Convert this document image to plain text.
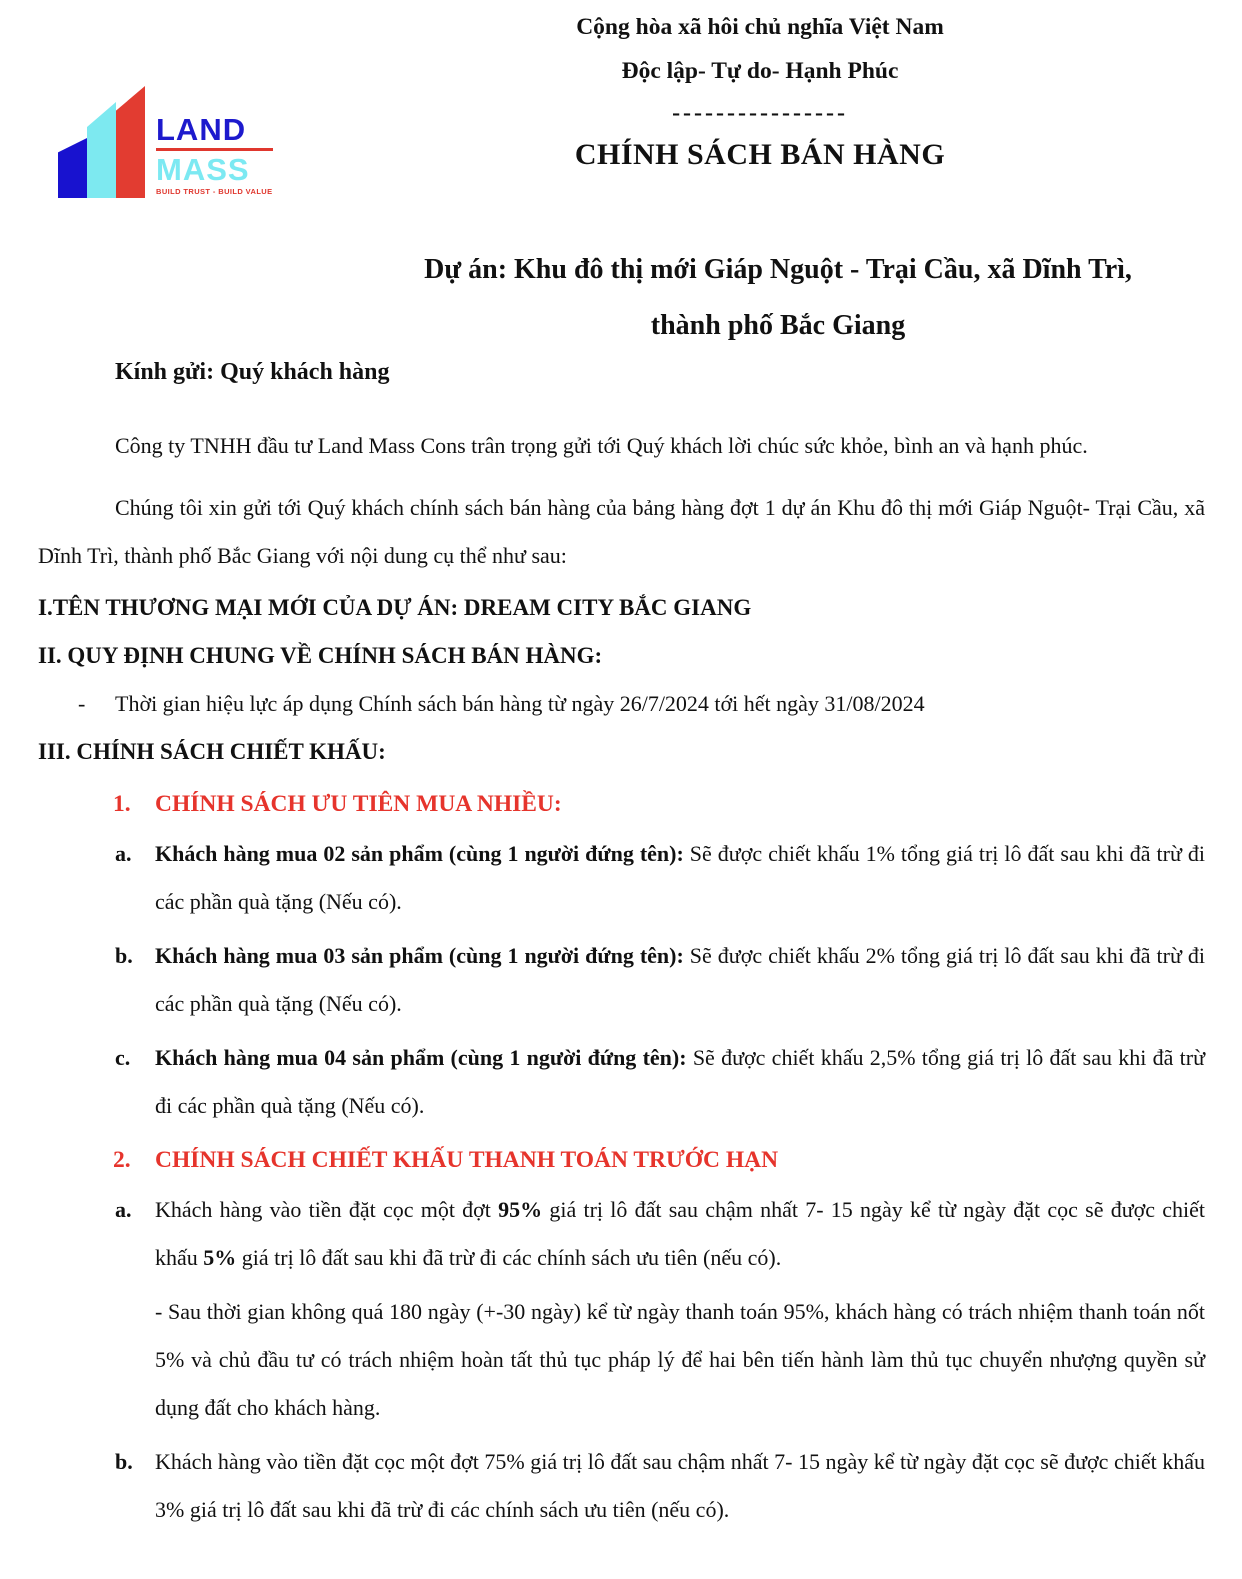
LAND
MASS
BUILD TRUST - BUILD VALUE
Cộng hòa xã hôi chủ nghĩa Việt Nam
Độc lập- Tự do- Hạnh Phúc
----------------
CHÍNH SÁCH BÁN HÀNG
Dự án: Khu đô thị mới Giáp Nguột - Trại Cầu, xã Dĩnh Trì,
thành phố Bắc Giang
Kính gửi: Quý khách hàng

Công ty TNHH đầu tư Land Mass Cons trân trọng gửi tới Quý khách lời chúc sức khỏe, bình an và hạnh phúc.

Chúng tôi xin gửi tới Quý khách chính sách bán hàng của bảng hàng đợt 1 dự án Khu đô thị mới Giáp Nguột- Trại Cầu, xã Dĩnh Trì, thành phố Bắc Giang với nội dung cụ thể như sau:

I.TÊN THƯƠNG MẠI MỚI CỦA DỰ ÁN: DREAM CITY BẮC GIANG
II. QUY ĐỊNH CHUNG VỀ CHÍNH SÁCH BÁN HÀNG:
-	Thời gian hiệu lực áp dụng Chính sách bán hàng từ ngày 26/7/2024 tới hết ngày 31/08/2024
III. CHÍNH SÁCH CHIẾT KHẤU:
1.	CHÍNH SÁCH ƯU TIÊN MUA NHIỀU:
a.	Khách hàng mua 02 sản phẩm (cùng 1 người đứng tên): Sẽ được chiết khấu 1% tổng giá trị lô đất sau khi đã trừ đi các phần quà tặng (Nếu có).
b.	Khách hàng mua 03 sản phẩm (cùng 1 người đứng tên): Sẽ được chiết khấu 2% tổng giá trị lô đất sau khi đã trừ đi các phần quà tặng (Nếu có).
c.	Khách hàng mua 04 sản phẩm (cùng 1 người đứng tên): Sẽ được chiết khấu 2,5% tổng giá trị lô đất sau khi đã trừ đi các phần quà tặng (Nếu có).
2.	CHÍNH SÁCH CHIẾT KHẤU THANH TOÁN TRƯỚC HẠN
a.	Khách hàng vào tiền đặt cọc một đợt 95% giá trị lô đất sau chậm nhất 7- 15 ngày kể từ ngày đặt cọc sẽ được chiết khấu 5% giá trị lô đất sau khi đã trừ đi các chính sách ưu tiên (nếu có).
- Sau thời gian không quá 180 ngày (+-30 ngày) kể từ ngày thanh toán 95%, khách hàng có trách nhiệm thanh toán nốt 5% và chủ đầu tư có trách nhiệm hoàn tất thủ tục pháp lý để hai bên tiến hành làm thủ tục chuyển nhượng quyền sử dụng đất cho khách hàng.
b.	Khách hàng vào tiền đặt cọc một đợt 75% giá trị lô đất sau chậm nhất 7- 15 ngày kể từ ngày đặt cọc sẽ được chiết khấu 3% giá trị lô đất sau khi đã trừ đi các chính sách ưu tiên (nếu có).
